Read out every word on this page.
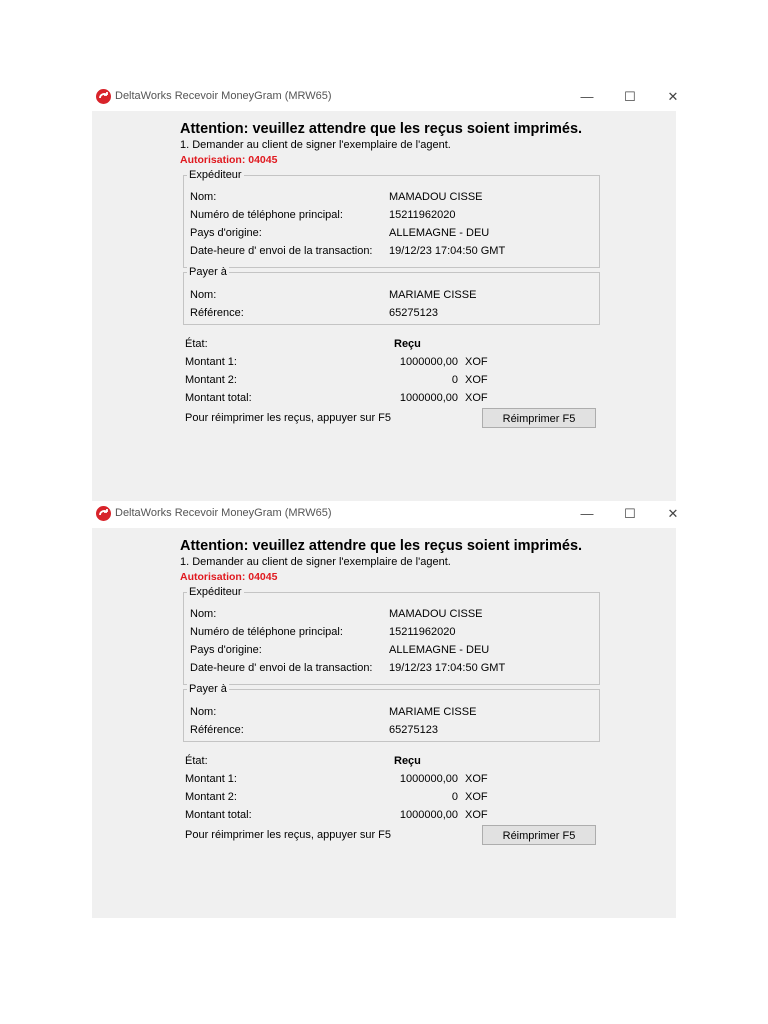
DeltaWorks Recevoir MoneyGram (MRW65)	—	☐	✕
Attention: veuillez attendre que les reçus soient imprimés.
1. Demander au client de signer l'exemplaire de l'agent.
Autorisation: 04045
Expéditeur
Nom:	MAMADOU CISSE
Numéro de téléphone principal:	15211962020
Pays d'origine:	ALLEMAGNE - DEU
Date-heure d' envoi de la transaction: 19/12/23 17:04:50 GMT
Payer à
Nom:	MARIAME CISSE
Référence:	65275123
État:	Reçu
Montant 1:	1000000,00 XOF
Montant 2:	0 XOF
Montant total:	1000000,00 XOF
Pour réimprimer les reçus, appuyer sur F5	Réimprimer F5
DeltaWorks Recevoir MoneyGram (MRW65)	—	☐	✕
Attention: veuillez attendre que les reçus soient imprimés.
1. Demander au client de signer l'exemplaire de l'agent.
Autorisation: 04045
Expéditeur
Nom:	MAMADOU CISSE
Numéro de téléphone principal:	15211962020
Pays d'origine:	ALLEMAGNE - DEU
Date-heure d' envoi de la transaction: 19/12/23 17:04:50 GMT
Payer à
Nom:	MARIAME CISSE
Référence:	65275123
État:	Reçu
Montant 1:	1000000,00 XOF
Montant 2:	0 XOF
Montant total:	1000000,00 XOF
Pour réimprimer les reçus, appuyer sur F5	Réimprimer F5
